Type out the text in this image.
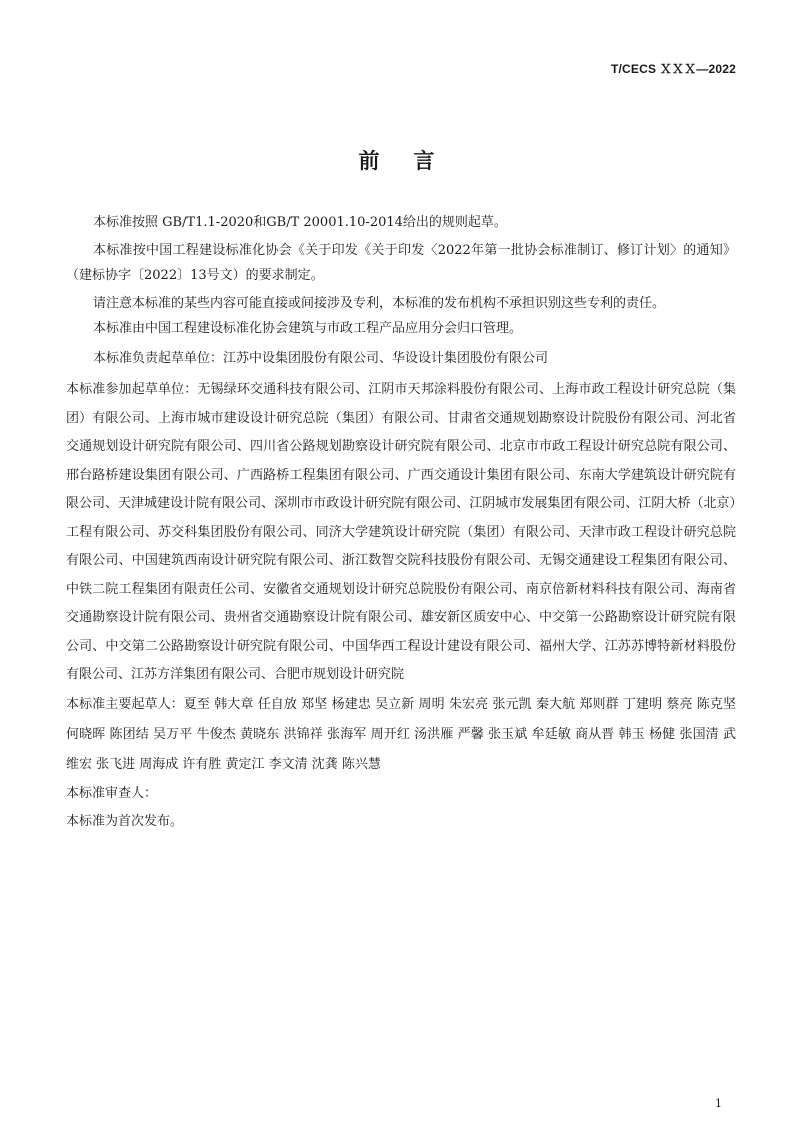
T/CECS ＸＸＸ—2022
前言

本标准按照 GB/T1.1-2020和GB/T 20001.10-2014给出的规则起草。

本标准按中国工程建设标准化协会《关于印发《关于印发〈2022年第一批协会标准制订、修订计划〉的通知》（建标协字〔2022〕13号文）的要求制定。

请注意本标准的某些内容可能直接或间接涉及专利，本标准的发布机构不承担识别这些专利的责任。

本标准由中国工程建设标准化协会建筑与市政工程产品应用分会归口管理。

本标准负责起草单位：江苏中设集团股份有限公司、华设设计集团股份有限公司

本标准参加起草单位：无锡绿环交通科技有限公司、江阴市天邦涂料股份有限公司、上海市政工程设计研究总院（集团）有限公司、上海市城市建设设计研究总院（集团）有限公司、甘肃省交通规划勘察设计院股份有限公司、河北省交通规划设计研究院有限公司、四川省公路规划勘察设计研究院有限公司、北京市市政工程设计研究总院有限公司、邢台路桥建设集团有限公司、广西路桥工程集团有限公司、广西交通设计集团有限公司、东南大学建筑设计研究院有限公司、天津城建设计院有限公司、深圳市市政设计研究院有限公司、江阴城市发展集团有限公司、江阴大桥（北京）工程有限公司、苏交科集团股份有限公司、同济大学建筑设计研究院（集团）有限公司、天津市政工程设计研究总院有限公司、中国建筑西南设计研究院有限公司、浙江数智交院科技股份有限公司、无锡交通建设工程集团有限公司、中铁二院工程集团有限责任公司、安徽省交通规划设计研究总院股份有限公司、南京倍新材料科技有限公司、海南省交通勘察设计院有限公司、贵州省交通勘察设计院有限公司、雄安新区质安中心、中交第一公路勘察设计研究院有限公司、中交第二公路勘察设计研究院有限公司、中国华西工程设计建设有限公司、福州大学、江苏苏博特新材料股份有限公司、江苏方洋集团有限公司、合肥市规划设计研究院

本标准主要起草人：夏至 韩大章 任自放 郑坚 杨建忠 吴立新 周明 朱宏亮 张元凯 秦大航 郑则群 丁建明 蔡亮 陈克坚 何晓晖 陈团结 吴万平 牛俊杰 黄晓东 洪锦祥 张海军 周开红 汤洪雁 严馨 张玉斌 牟廷敏 商从晋 韩玉 杨健 张国清 武维宏 张飞进 周海成 许有胜 黄定江 李文清 沈龚 陈兴慧

本标准审查人：

本标准为首次发布。

1
